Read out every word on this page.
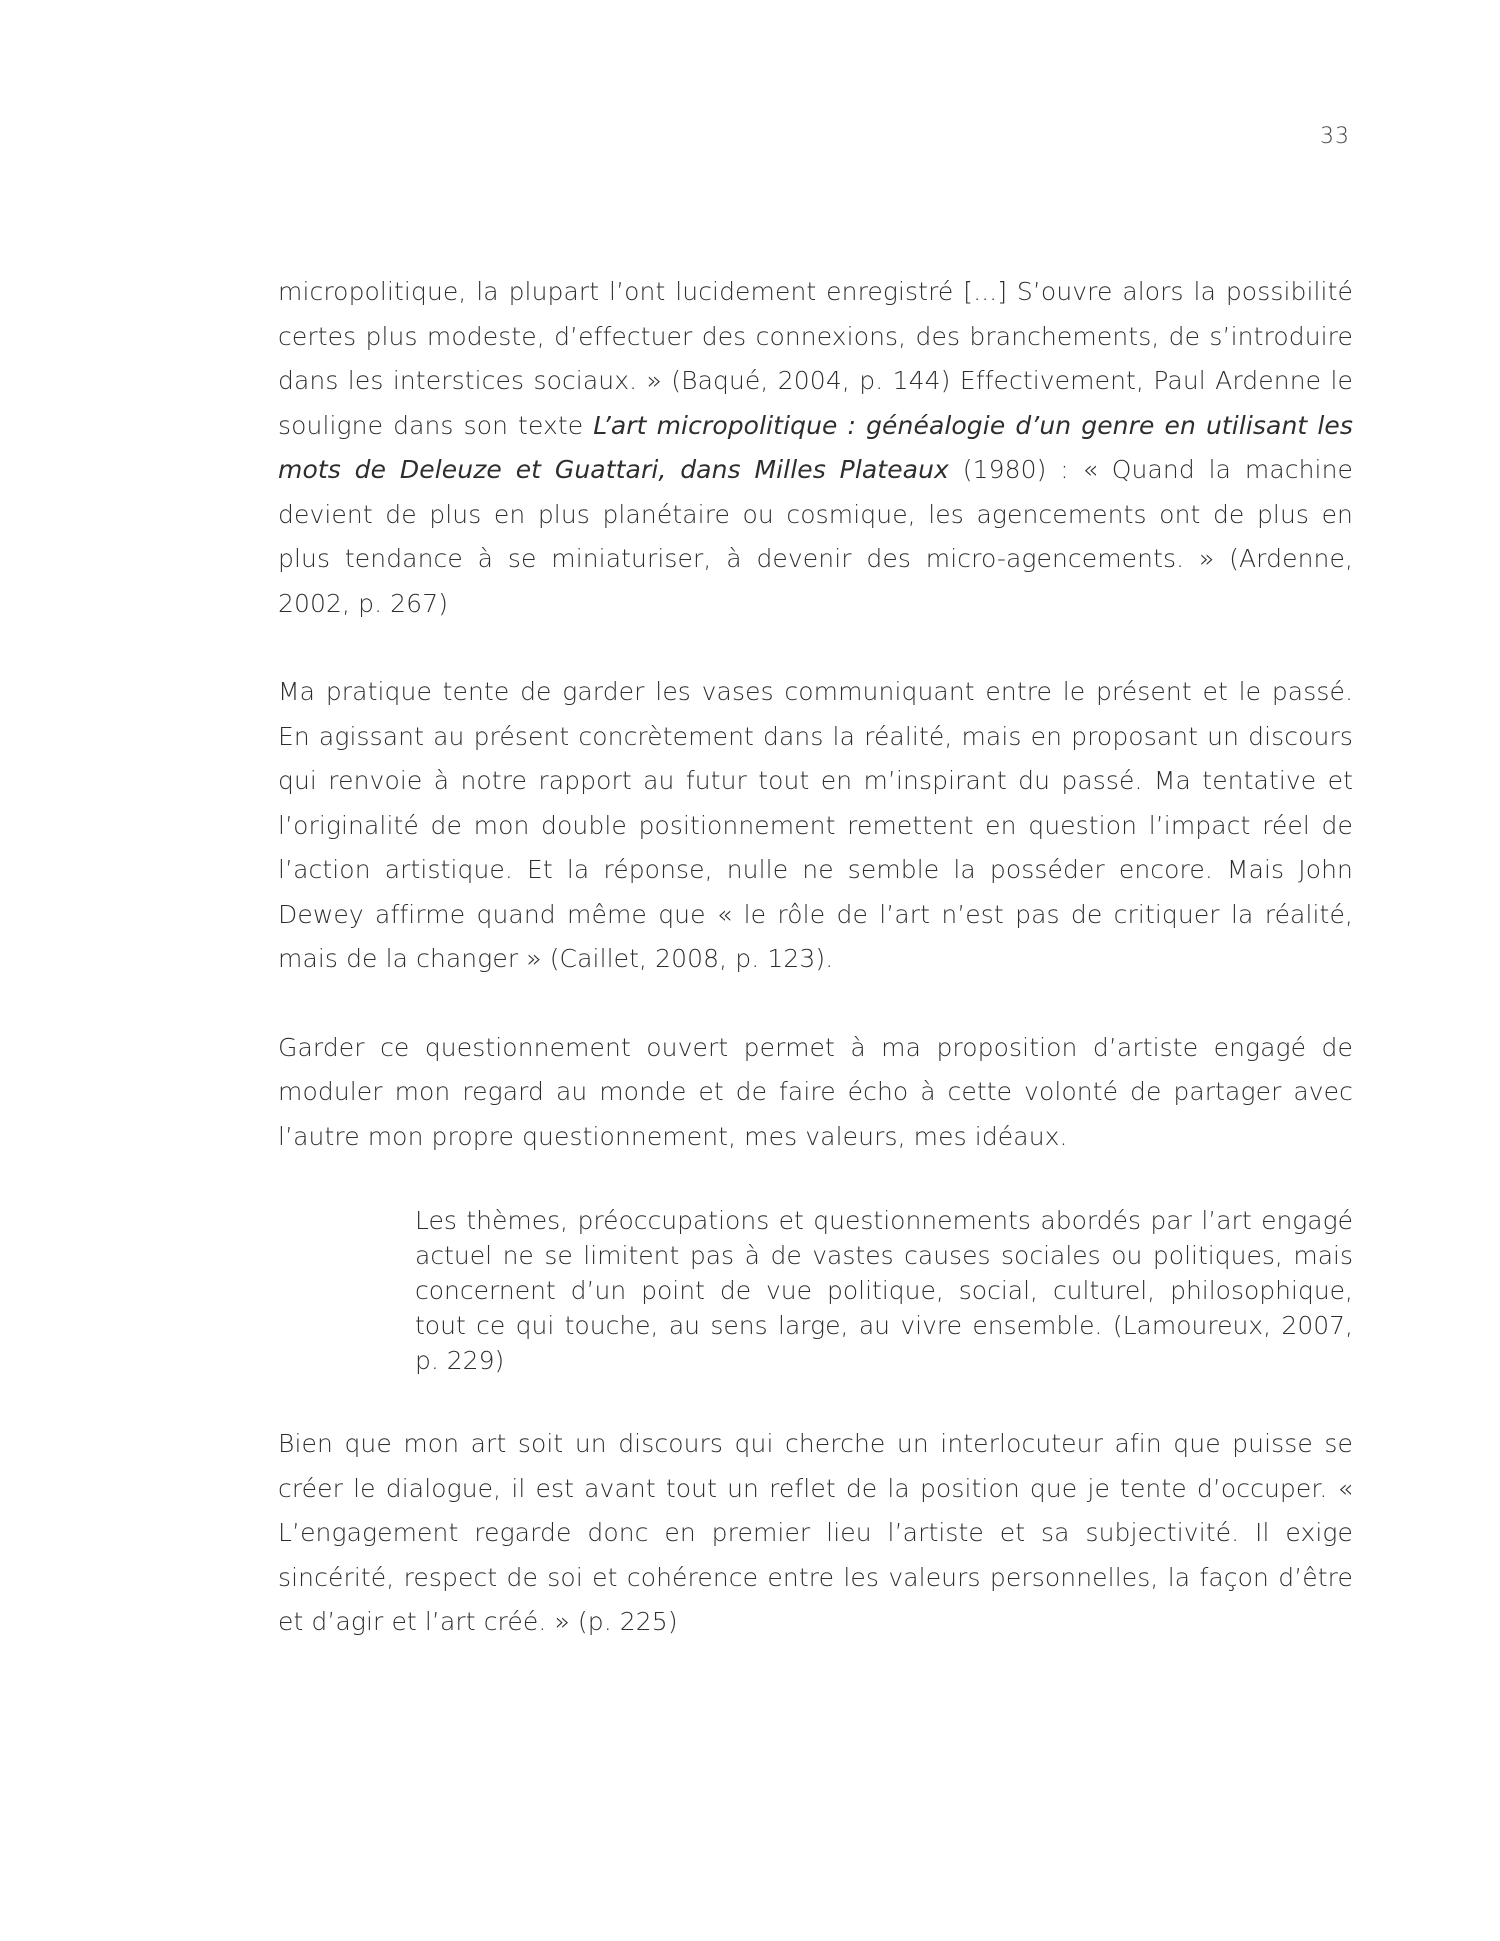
33

micropolitique, la plupart l’ont lucidement enregistré [...] S’ouvre alors la possibilité certes plus modeste, d’effectuer des connexions, des branchements, de s’introduire dans les interstices sociaux. » (Baqué, 2004, p. 144) Effectivement, Paul Ardenne le souligne dans son texte L’art micropolitique : généalogie d’un genre en utilisant les mots de Deleuze et Guattari, dans Milles Plateaux (1980) : « Quand la machine devient de plus en plus planétaire ou cosmique, les agencements ont de plus en plus tendance à se miniaturiser, à devenir des micro-agencements. » (Ardenne, 2002, p. 267)

Ma pratique tente de garder les vases communiquant entre le présent et le passé. En agissant au présent concrètement dans la réalité, mais en proposant un discours qui renvoie à notre rapport au futur tout en m’inspirant du passé. Ma tentative et l’originalité de mon double positionnement remettent en question l’impact réel de l’action artistique. Et la réponse, nulle ne semble la posséder encore. Mais John Dewey affirme quand même que « le rôle de l’art n’est pas de critiquer la réalité, mais de la changer » (Caillet, 2008, p. 123).

Garder ce questionnement ouvert permet à ma proposition d’artiste engagé de moduler mon regard au monde et de faire écho à cette volonté de partager avec l’autre mon propre questionnement, mes valeurs, mes idéaux.

Les thèmes, préoccupations et questionnements abordés par l’art engagé actuel ne se limitent pas à de vastes causes sociales ou politiques, mais concernent d’un point de vue politique, social, culturel, philosophique, tout ce qui touche, au sens large, au vivre ensemble. (Lamoureux, 2007, p. 229)

Bien que mon art soit un discours qui cherche un interlocuteur afin que puisse se créer le dialogue, il est avant tout un reflet de la position que je tente d’occuper. « L’engagement regarde donc en premier lieu l’artiste et sa subjectivité. Il exige sincérité, respect de soi et cohérence entre les valeurs personnelles, la façon d’être et d’agir et l’art créé. » (p. 225)
